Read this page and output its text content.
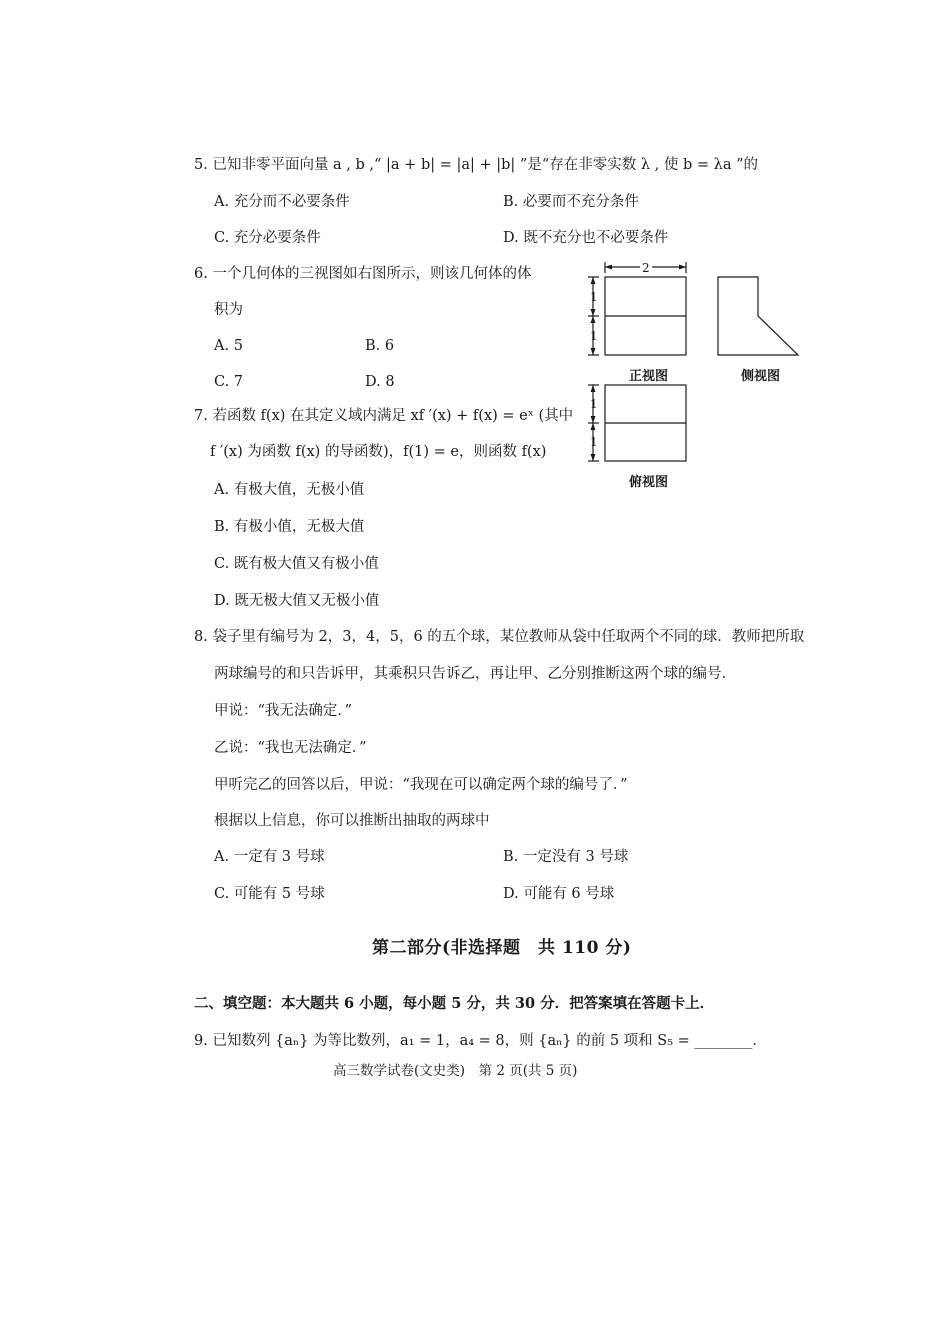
5. 已知非零平面向量 a , b ,“ |a + b| = |a| + |b| ”是“存在非零实数 λ , 使 b = λa ”的
A. 充分而不必要条件	B. 必要而不充分条件
C. 充分必要条件	D. 既不充分也不必要条件
6. 一个几何体的三视图如右图所示，则该几何体的体
积为
A. 5	B. 6
C. 7	D. 8
2
1
1
1
1
正视图	侧视图
俯视图
7. 若函数 f(x) 在其定义域内满足 xf ′(x) + f(x) = eˣ (其中
f ′(x) 为函数 f(x) 的导函数)，f(1) = e，则函数 f(x)
A. 有极大值，无极小值
B. 有极小值，无极大值
C. 既有极大值又有极小值
D. 既无极大值又无极小值
8. 袋子里有编号为 2，3，4，5，6 的五个球，某位教师从袋中任取两个不同的球．教师把所取
两球编号的和只告诉甲，其乘积只告诉乙，再让甲、乙分别推断这两个球的编号．
甲说：“我无法确定．”
乙说：“我也无法确定．”
甲听完乙的回答以后，甲说：“我现在可以确定两个球的编号了．”
根据以上信息，你可以推断出抽取的两球中
A. 一定有 3 号球	B. 一定没有 3 号球
C. 可能有 5 号球	D. 可能有 6 号球
第二部分(非选择题　共 110 分)
二、填空题：本大题共 6 小题，每小题 5 分，共 30 分．把答案填在答题卡上．
9. 已知数列 {aₙ} 为等比数列，a₁ = 1，a₄ = 8，则 {aₙ} 的前 5 项和 S₅ = ________．
高三数学试卷(文史类)　第 2 页(共 5 页)
